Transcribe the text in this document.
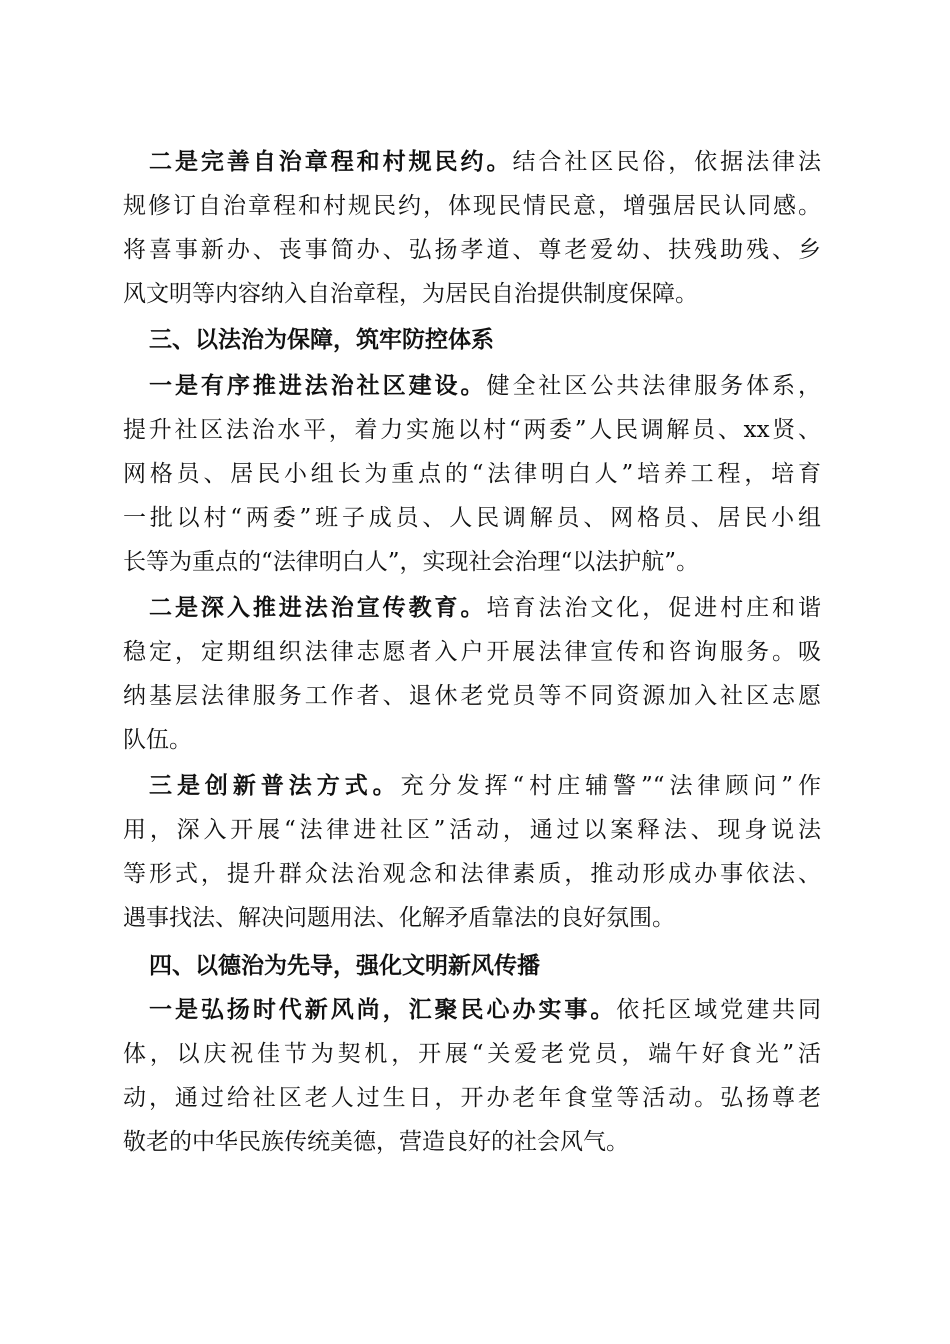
二是完善自治章程和村规民约。结合社区民俗，依据法律法
规修订自治章程和村规民约，体现民情民意，增强居民认同感。
将喜事新办、丧事简办、弘扬孝道、尊老爱幼、扶残助残、乡
风文明等内容纳入自治章程，为居民自治提供制度保障。
三、以法治为保障，筑牢防控体系
一是有序推进法治社区建设。健全社区公共法律服务体系，
提升社区法治水平，着力实施以村“两委”人民调解员、xx贤、
网格员、居民小组长为重点的“法律明白人”培养工程，培育
一批以村“两委”班子成员、人民调解员、网格员、居民小组
长等为重点的“法律明白人”，实现社会治理“以法护航”。
二是深入推进法治宣传教育。培育法治文化，促进村庄和谐
稳定，定期组织法律志愿者入户开展法律宣传和咨询服务。吸
纳基层法律服务工作者、退休老党员等不同资源加入社区志愿
队伍。
三是创新普法方式。充分发挥“村庄辅警”“法律顾问”作
用，深入开展“法律进社区”活动，通过以案释法、现身说法
等形式，提升群众法治观念和法律素质，推动形成办事依法、
遇事找法、解决问题用法、化解矛盾靠法的良好氛围。
四、以德治为先导，强化文明新风传播
一是弘扬时代新风尚，汇聚民心办实事。依托区域党建共同
体，以庆祝佳节为契机，开展“关爱老党员，端午好食光”活
动，通过给社区老人过生日，开办老年食堂等活动。弘扬尊老
敬老的中华民族传统美德，营造良好的社会风气。
